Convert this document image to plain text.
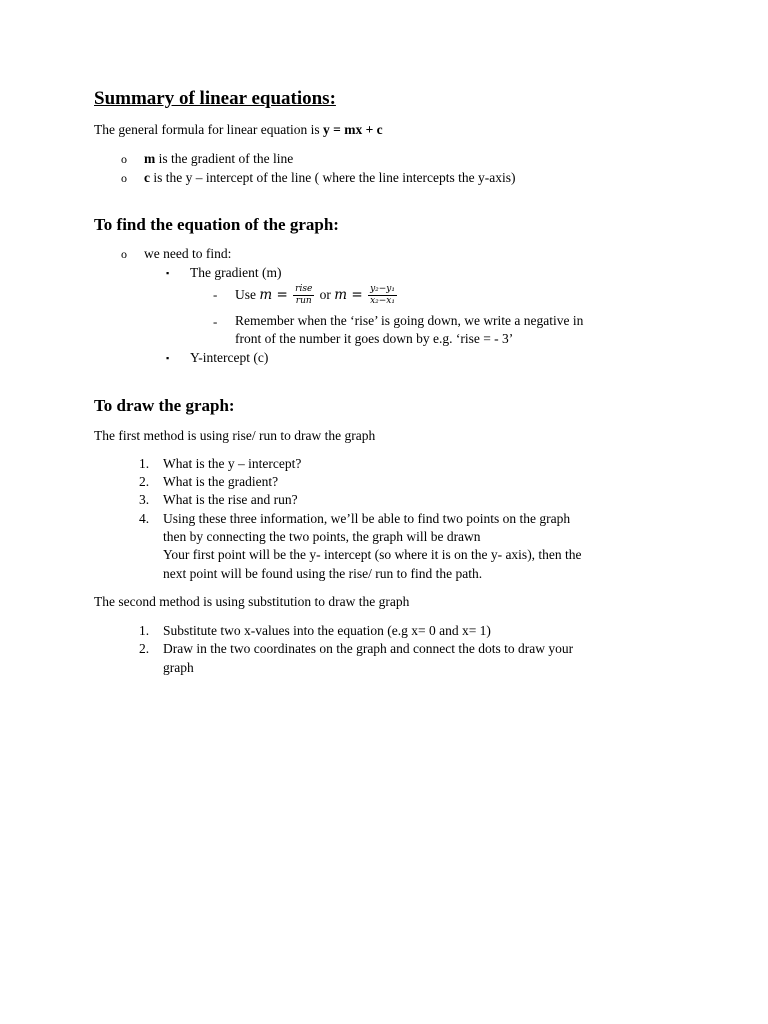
Summary of linear equations:
The general formula for linear equation is y = mx + c
o m is the gradient of the line
o c is the y – intercept of the line ( where the line intercepts the y-axis)
To find the equation of the graph:
o we need to find:
▪ The gradient (m)
- Use $m = \frac{\text{rise}}{\text{run}}$ or $m = \frac{\text{y₂−y₁}}{\text{x₂−x₁}}$
- Remember when the ‘rise’ is going down, we write a negative in
front of the number it goes down by e.g. ‘rise = - 3’
▪ Y-intercept (c)
To draw the graph:
The first method is using rise/ run to draw the graph
1. What is the y – intercept?
2. What is the gradient?
3. What is the rise and run?
4. Using these three information, we’ll be able to find two points on the graph
then by connecting the two points, the graph will be drawn
Your first point will be the y- intercept (so where it is on the y- axis), then the
next point will be found using the rise/ run to find the path.
The second method is using substitution to draw the graph
1. Substitute two x-values into the equation (e.g x= 0 and x= 1)
2. Draw in the two coordinates on the graph and connect the dots to draw your
graph
